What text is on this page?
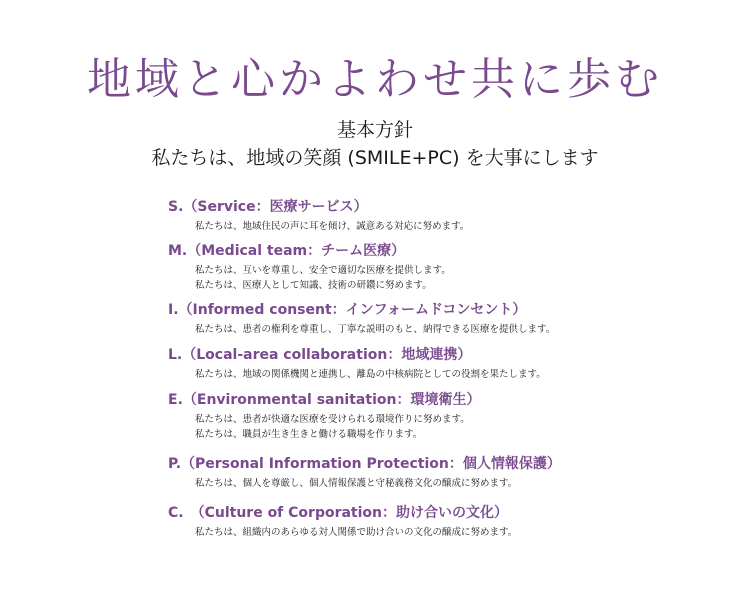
地域と心かよわせ共に歩む
基本方針
私たちは、地域の笑顔 (SMILE+PC) を大事にします
S.（Service：医療サービス）
私たちは、地域住民の声に耳を傾け、誠意ある対応に努めます。
M.（Medical team：チーム医療）
私たちは、互いを尊重し、安全で適切な医療を提供します。
私たちは、医療人として知識、技術の研鑽に努めます。
I.（Informed consent：インフォームドコンセント）
私たちは、患者の権利を尊重し、丁寧な説明のもと、納得できる医療を提供します。
L.（Local-area collaboration：地域連携）
私たちは、地域の関係機関と連携し、離島の中核病院としての役割を果たします。
E.（Environmental sanitation：環境衛生）
私たちは、患者が快適な医療を受けられる環境作りに努めます。
私たちは、職員が生き生きと働ける職場を作ります。
P.（Personal Information Protection：個人情報保護）
私たちは、個人を尊厳し、個人情報保護と守秘義務文化の醸成に努めます。
C.　（Culture of Corporation：助け合いの文化）
私たちは、組織内のあらゆる対人関係で助け合いの文化の醸成に努めます。
